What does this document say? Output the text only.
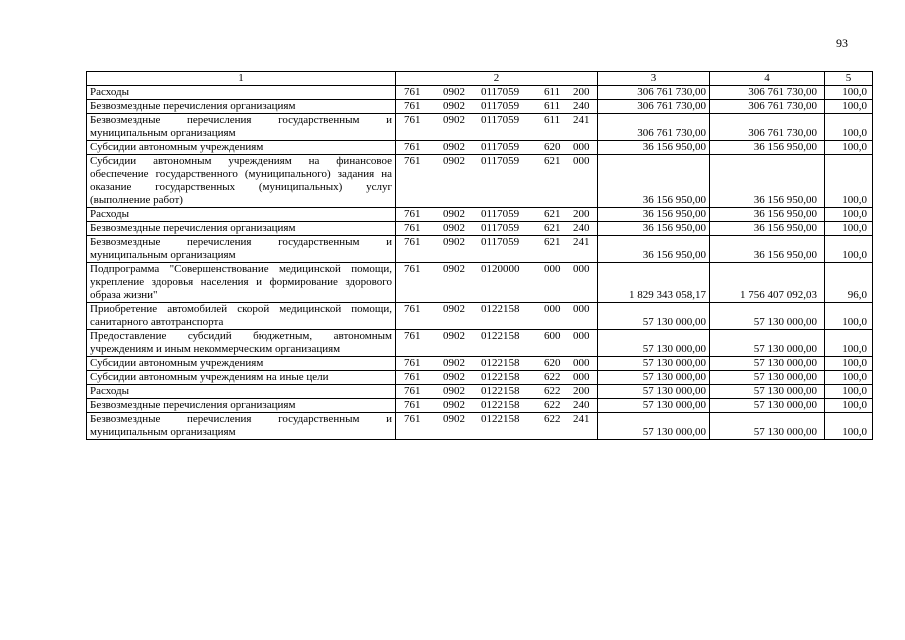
93
1	2	3	4	5
Расходы	761 0902 0117059 611 200	306 761 730,00	306 761 730,00	100,0
Безвозмездные перечисления организациям	761 0902 0117059 611 240	306 761 730,00	306 761 730,00	100,0
Безвозмездные перечисления государственным и муниципальным организациям	761 0902 0117059 611 241	306 761 730,00	306 761 730,00	100,0
Субсидии автономным учреждениям	761 0902 0117059 620 000	36 156 950,00	36 156 950,00	100,0
Субсидии автономным учреждениям на финансовое обеспечение государственного (муниципального) задания на оказание государственных (муниципальных) услуг (выполнение работ)	761 0902 0117059 621 000	36 156 950,00	36 156 950,00	100,0
Расходы	761 0902 0117059 621 200	36 156 950,00	36 156 950,00	100,0
Безвозмездные перечисления организациям	761 0902 0117059 621 240	36 156 950,00	36 156 950,00	100,0
Безвозмездные перечисления государственным и муниципальным организациям	761 0902 0117059 621 241	36 156 950,00	36 156 950,00	100,0
Подпрограмма "Совершенствование медицинской помощи, укрепление здоровья населения и формирование здорового образа жизни"	761 0902 0120000 000 000	1 829 343 058,17	1 756 407 092,03	96,0
Приобретение автомобилей скорой медицинской помощи, санитарного автотранспорта	761 0902 0122158 000 000	57 130 000,00	57 130 000,00	100,0
Предоставление субсидий бюджетным, автономным учреждениям и иным некоммерческим организациям	761 0902 0122158 600 000	57 130 000,00	57 130 000,00	100,0
Субсидии автономным учреждениям	761 0902 0122158 620 000	57 130 000,00	57 130 000,00	100,0
Субсидии автономным учреждениям на иные цели	761 0902 0122158 622 000	57 130 000,00	57 130 000,00	100,0
Расходы	761 0902 0122158 622 200	57 130 000,00	57 130 000,00	100,0
Безвозмездные перечисления организациям	761 0902 0122158 622 240	57 130 000,00	57 130 000,00	100,0
Безвозмездные перечисления государственным и муниципальным организациям	761 0902 0122158 622 241	57 130 000,00	57 130 000,00	100,0
